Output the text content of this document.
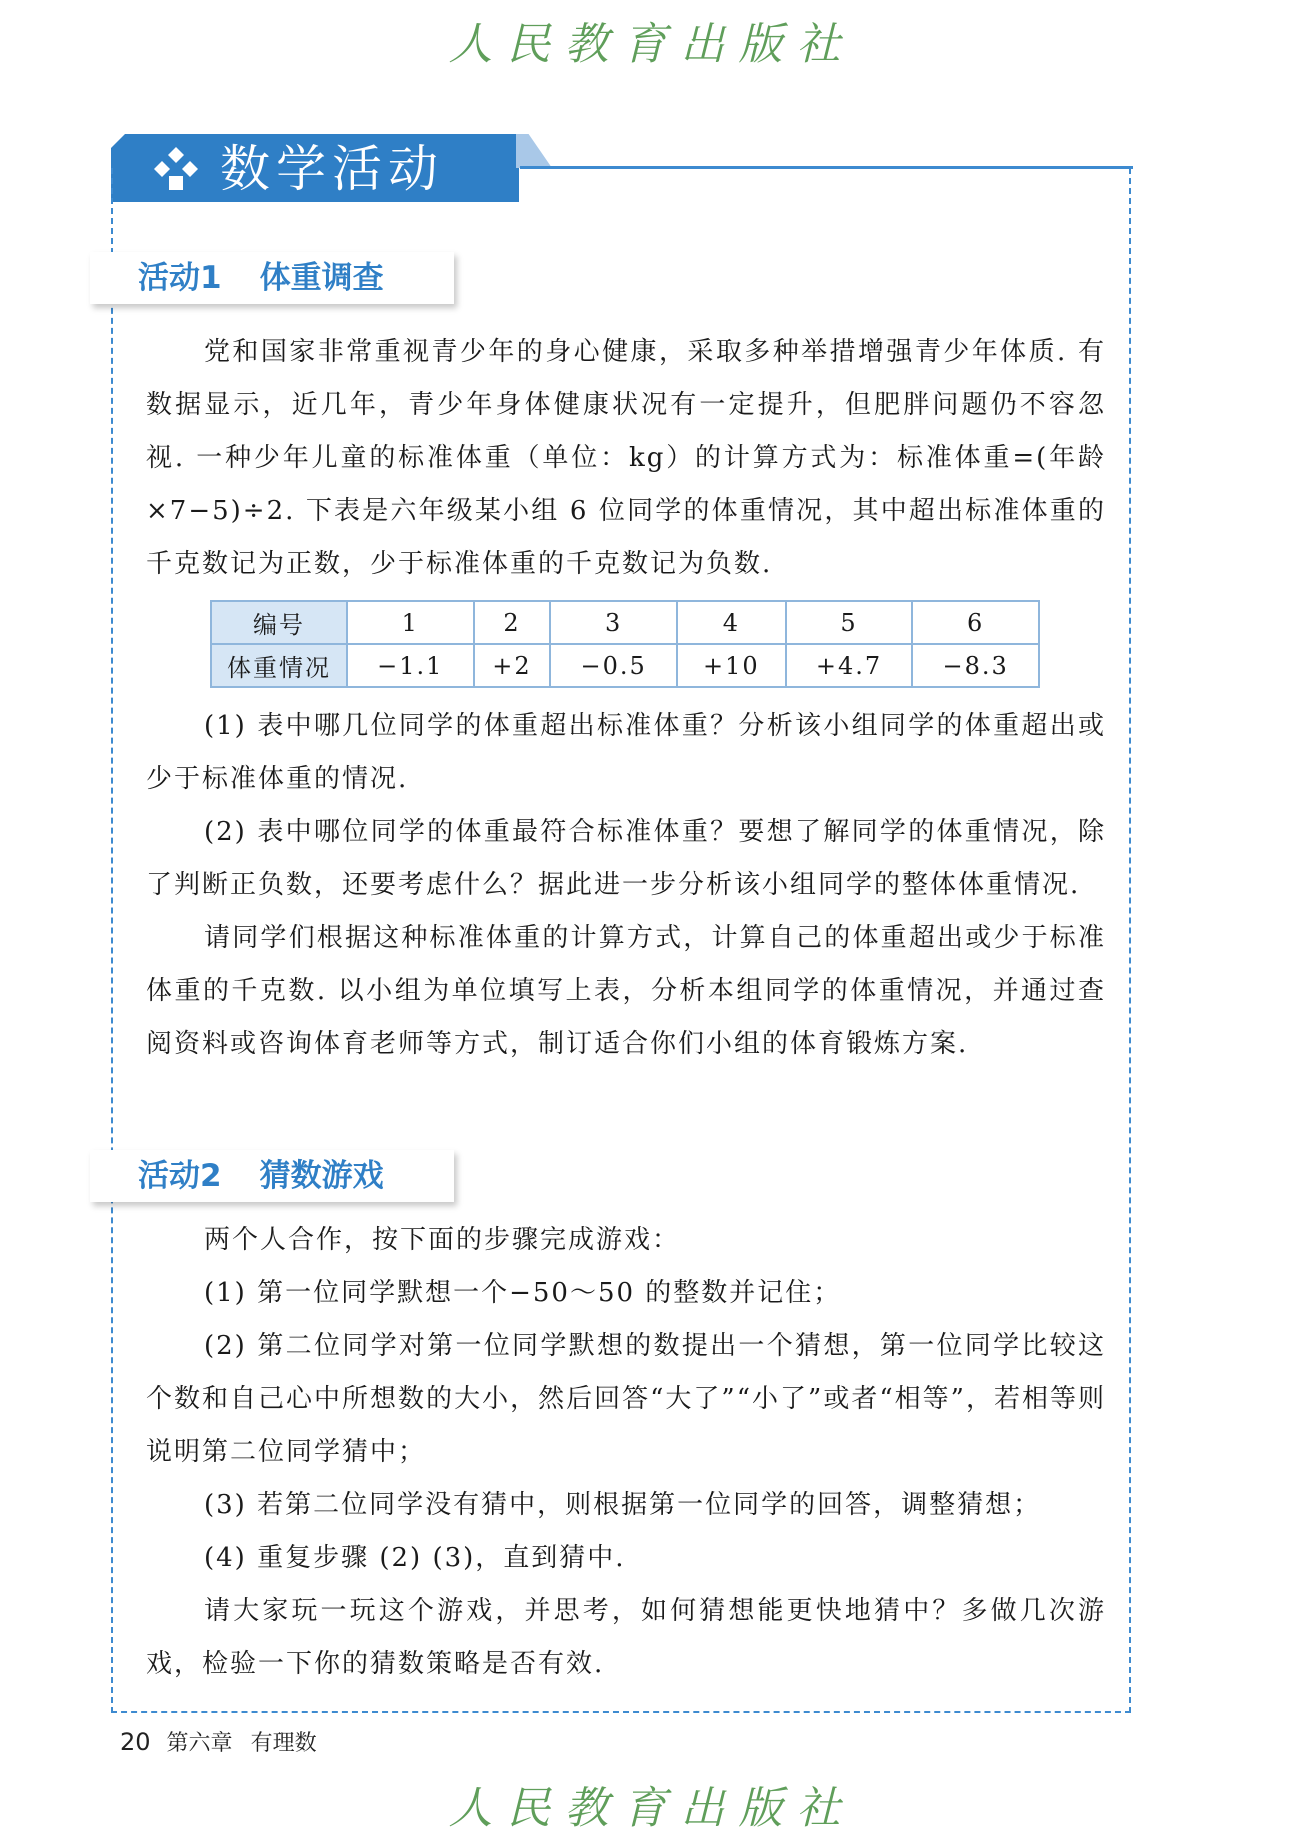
人民教育出版社
数学活动
活动1 体重调查

党和国家非常重视青少年的身心健康，采取多种举措增强青少年体质. 有数据显示，近几年，青少年身体健康状况有一定提升，但肥胖问题仍不容忽视. 一种少年儿童的标准体重（单位：kg）的计算方式为：标准体重=(年龄×7−5)÷2. 下表是六年级某小组 6 位同学的体重情况，其中超出标准体重的千克数记为正数，少于标准体重的千克数记为负数.

编号	1	2	3	4	5	6
体重情况	−1.1	+2	−0.5	+10	+4.7	−8.3

(1) 表中哪几位同学的体重超出标准体重？分析该小组同学的体重超出或少于标准体重的情况.

(2) 表中哪位同学的体重最符合标准体重？要想了解同学的体重情况，除了判断正负数，还要考虑什么？据此进一步分析该小组同学的整体体重情况.

请同学们根据这种标准体重的计算方式，计算自己的体重超出或少于标准体重的千克数. 以小组为单位填写上表，分析本组同学的体重情况，并通过查阅资料或咨询体育老师等方式，制订适合你们小组的体育锻炼方案.

活动2 猜数游戏

两个人合作，按下面的步骤完成游戏：

(1) 第一位同学默想一个−50～50 的整数并记住；

(2) 第二位同学对第一位同学默想的数提出一个猜想，第一位同学比较这个数和自己心中所想数的大小，然后回答“大了”“小了”或者“相等”，若相等则说明第二位同学猜中；

(3) 若第二位同学没有猜中，则根据第一位同学的回答，调整猜想；

(4) 重复步骤 (2) (3)，直到猜中.

请大家玩一玩这个游戏，并思考，如何猜想能更快地猜中？多做几次游戏，检验一下你的猜数策略是否有效.

20 第六章 有理数
人民教育出版社
